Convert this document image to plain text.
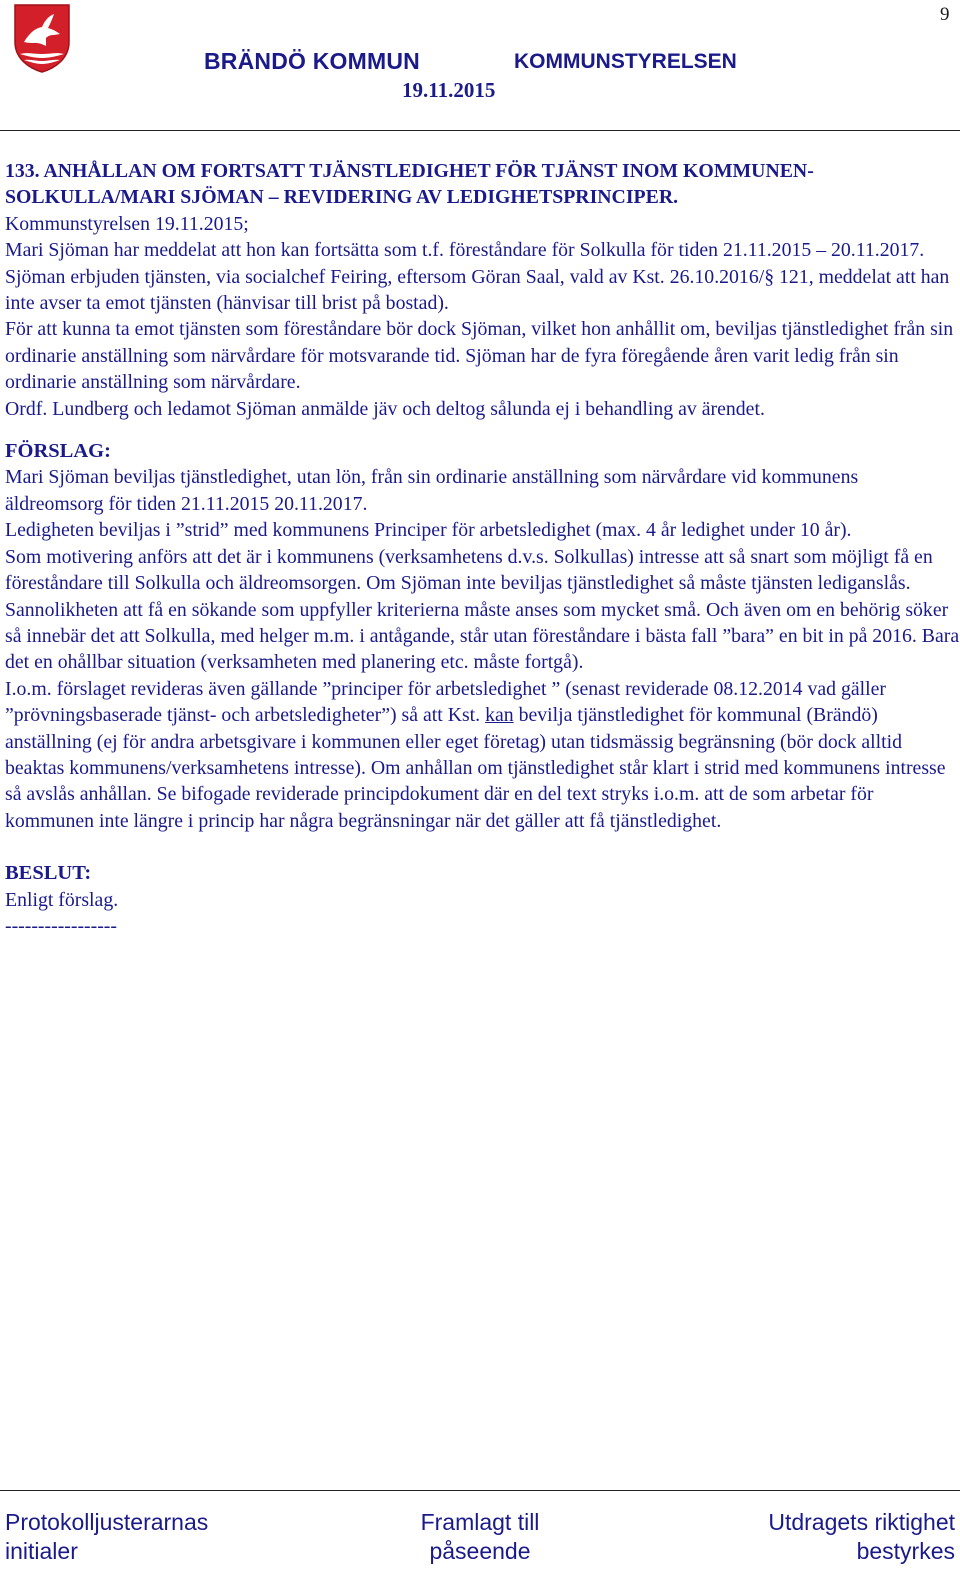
9
BRÄNDÖ KOMMUN	KOMMUNSTYRELSEN
19.11.2015

133. ANHÅLLAN OM FORTSATT TJÄNSTLEDIGHET FÖR TJÄNST INOM KOMMUNEN-

SOLKULLA/MARI SJÖMAN – REVIDERING AV LEDIGHETSPRINCIPER.

Kommunstyrelsen 19.11.2015;

Mari Sjöman har meddelat att hon kan fortsätta som t.f. föreståndare för Solkulla för tiden 21.11.2015 – 20.11.2017. Sjöman erbjuden tjänsten, via socialchef Feiring, eftersom Göran Saal, vald av Kst. 26.10.2016/§ 121, meddelat att han inte avser ta emot tjänsten (hänvisar till brist på bostad).

För att kunna ta emot tjänsten som föreståndare bör dock Sjöman, vilket hon anhållit om, beviljas tjänstledighet från sin ordinarie anställning som närvårdare för motsvarande tid. Sjöman har de fyra föregående åren varit ledig från sin ordinarie anställning som närvårdare.

Ordf. Lundberg och ledamot Sjöman anmälde jäv och deltog sålunda ej i behandling av ärendet.

FÖRSLAG:

Mari Sjöman beviljas tjänstledighet, utan lön, från sin ordinarie anställning som närvårdare vid kommunens äldreomsorg för tiden 21.11.2015 20.11.2017.

Ledigheten beviljas i ”strid” med kommunens Principer för arbetsledighet (max. 4 år ledighet under 10 år).

Som motivering anförs att det är i kommunens (verksamhetens d.v.s. Solkullas) intresse att så snart som möjligt få en föreståndare till Solkulla och äldreomsorgen. Om Sjöman inte beviljas tjänstledighet så måste tjänsten lediganslås. Sannolikheten att få en sökande som uppfyller kriterierna måste anses som mycket små. Och även om en behörig söker så innebär det att Solkulla, med helger m.m. i antågande, står utan föreståndare i bästa fall ”bara” en bit in på 2016. Bara det en ohållbar situation (verksamheten med planering etc. måste fortgå).

I.o.m. förslaget revideras även gällande ”principer för arbetsledighet ” (senast reviderade 08.12.2014 vad gäller ”prövningsbaserade tjänst- och arbetsledigheter”) så att Kst. kan bevilja tjänstledighet för kommunal (Brändö) anställning (ej för andra arbetsgivare i kommunen eller eget företag) utan tidsmässig begränsning (bör dock alltid beaktas kommunens/verksamhetens intresse). Om anhållan om tjänstledighet står klart i strid med kommunens intresse så avslås anhållan. Se bifogade reviderade principdokument där en del text stryks i.o.m. att de som arbetar för kommunen inte längre i princip har några begränsningar när det gäller att få tjänstledighet.

BESLUT:

Enligt förslag.

-----------------

Protokolljusterarnas
initialer
Framlagt till
påseende
Utdragets riktighet
bestyrkes
